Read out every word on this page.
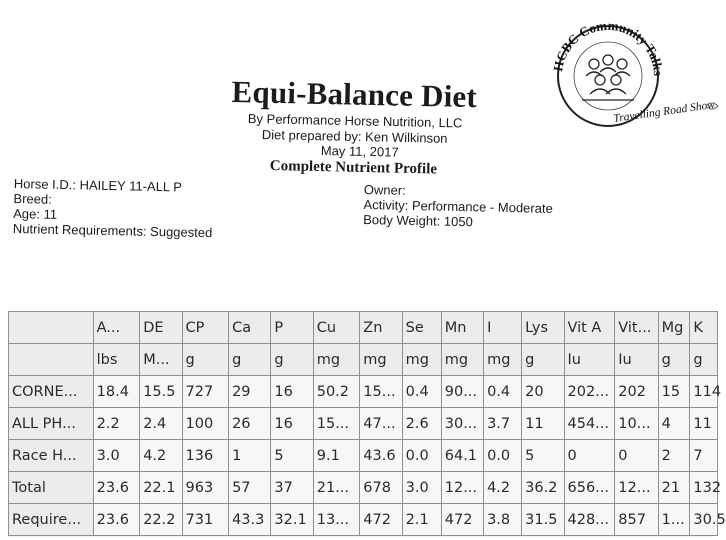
Equi-Balance Diet
By Performance Horse Nutrition, LLC
Diet prepared by: Ken Wilkinson
May 11, 2017
Complete Nutrient Profile
Horse I.D.: HAILEY 11-ALL P
Breed:
Age: 11
Nutrient Requirements: Suggested
Owner:
Activity: Performance - Moderate
Body Weight: 1050
HCBC Community Talks
Travelling Road Show
	A...	DE	CP	Ca	P	Cu	Zn	Se	Mn	I	Lys	Vit A	Vit...	Mg	K
	lbs	M...	g	g	g	mg	mg	mg	mg	mg	g	Iu	Iu	g	g
CORNE...	18.4	15.5	727	29	16	50.2	15...	0.4	90...	0.4	20	202...	202	15	114
ALL PH...	2.2	2.4	100	26	16	15...	47...	2.6	30...	3.7	11	454...	10...	4	11
Race H...	3.0	4.2	136	1	5	9.1	43.6	0.0	64.1	0.0	5	0	0	2	7
Total	23.6	22.1	963	57	37	21...	678	3.0	12...	4.2	36.2	656...	12...	21	132
Require...	23.6	22.2	731	43.3	32.1	13...	472	2.1	472	3.8	31.5	428...	857	1...	30.5
